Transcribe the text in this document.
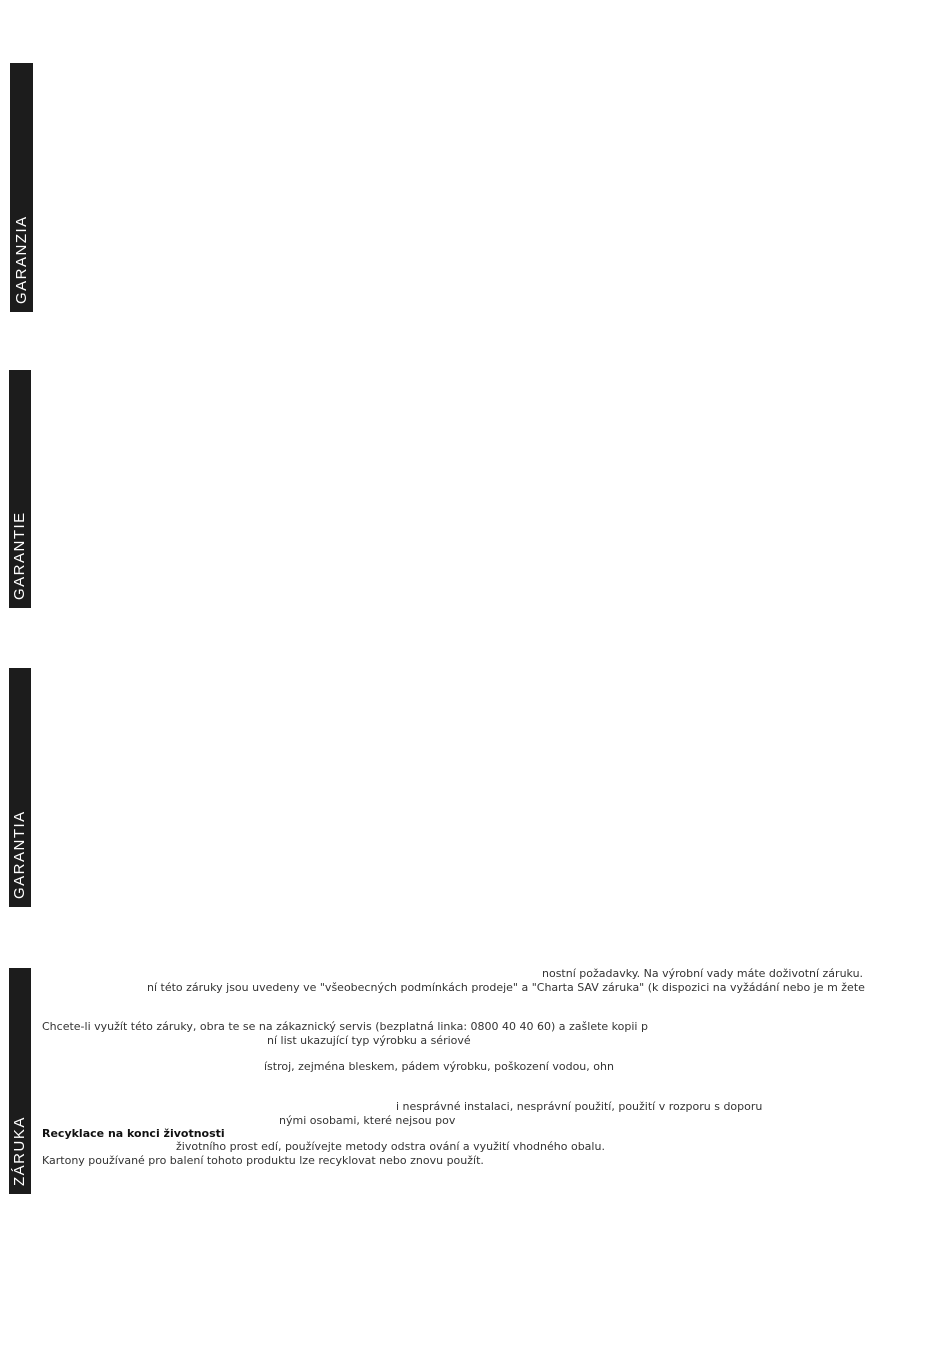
GARANZIA
GARANTIE
GARANTIA
ZÁRUKA
nostní požadavky. Na výrobní vady máte doživotní záruku.
ní této záruky jsou uvedeny ve "všeobecných podmínkách prodeje" a "Charta SAV záruka" (k dispozici na vyžádání nebo je m žete
Chcete-li využít této záruky, obra te se na zákaznický servis (bezplatná linka: 0800 40 40 60) a zašlete kopii p
ní list ukazující typ výrobku a sériové
ístroj, zejména bleskem, pádem výrobku, poškození vodou, ohn
i nesprávné instalaci, nesprávní použití, použití v rozporu s doporu
nými osobami, které nejsou pov
Recyklace na konci životnosti
životního prost edí, používejte metody odstra ování a využití vhodného obalu.
Kartony používané pro balení tohoto produktu lze recyklovat nebo znovu použít.
